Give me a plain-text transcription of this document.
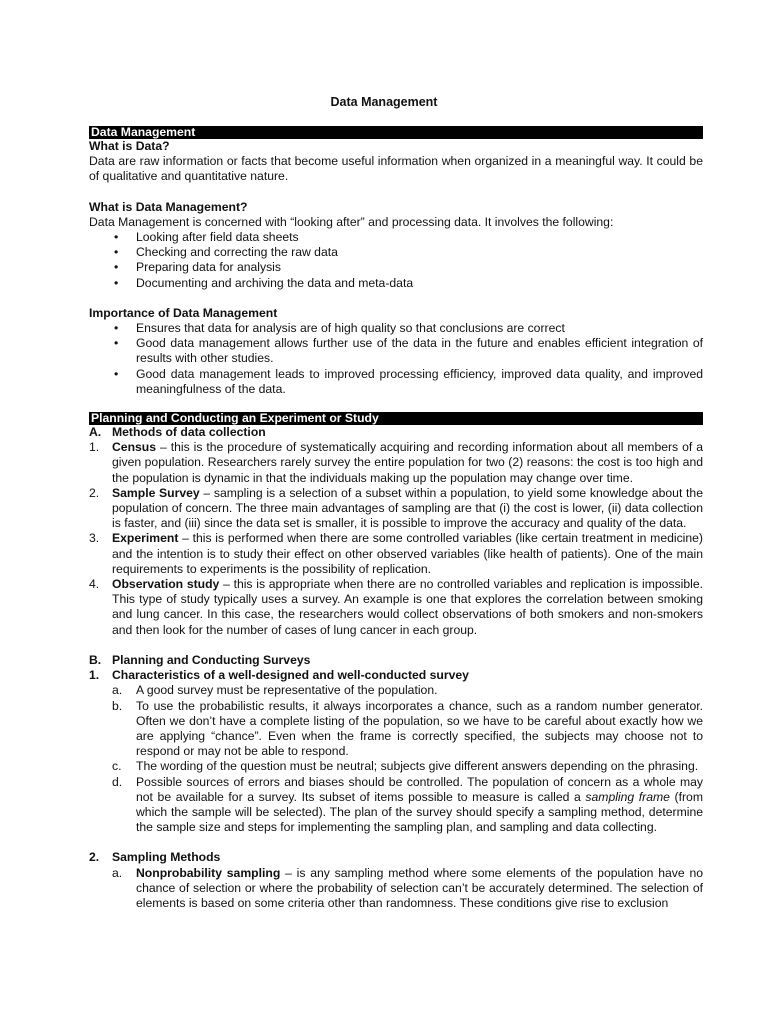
Data Management
Data Management
What is Data?

Data are raw information or facts that become useful information when organized in a meaningful way. It could be of qualitative and quantitative nature.

What is Data Management?

Data Management is concerned with “looking after” and processing data. It involves the following:

• Looking after field data sheets
• Checking and correcting the raw data
• Preparing data for analysis
• Documenting and archiving the data and meta-data
Importance of Data Management
• Ensures that data for analysis are of high quality so that conclusions are correct
• Good data management allows further use of the data in the future and enables efficient integration of results with other studies.
• Good data management leads to improved processing efficiency, improved data quality, and improved meaningfulness of the data.
Planning and Conducting an Experiment or Study
A. Methods of data collection
1. Census – this is the procedure of systematically acquiring and recording information about all members of a given population. Researchers rarely survey the entire population for two (2) reasons: the cost is too high and the population is dynamic in that the individuals making up the population may change over time.
2. Sample Survey – sampling is a selection of a subset within a population, to yield some knowledge about the population of concern. The three main advantages of sampling are that (i) the cost is lower, (ii) data collection is faster, and (iii) since the data set is smaller, it is possible to improve the accuracy and quality of the data.
3. Experiment – this is performed when there are some controlled variables (like certain treatment in medicine) and the intention is to study their effect on other observed variables (like health of patients). One of the main requirements to experiments is the possibility of replication.
4. Observation study – this is appropriate when there are no controlled variables and replication is impossible. This type of study typically uses a survey. An example is one that explores the correlation between smoking and lung cancer. In this case, the researchers would collect observations of both smokers and non-smokers and then look for the number of cases of lung cancer in each group.
B. Planning and Conducting Surveys
1. Characteristics of a well-designed and well-conducted survey
a. A good survey must be representative of the population.
b. To use the probabilistic results, it always incorporates a chance, such as a random number generator. Often we don’t have a complete listing of the population, so we have to be careful about exactly how we are applying “chance”. Even when the frame is correctly specified, the subjects may choose not to respond or may not be able to respond.
c. The wording of the question must be neutral; subjects give different answers depending on the phrasing.
d. Possible sources of errors and biases should be controlled. The population of concern as a whole may not be available for a survey. Its subset of items possible to measure is called a sampling frame (from which the sample will be selected). The plan of the survey should specify a sampling method, determine the sample size and steps for implementing the sampling plan, and sampling and data collecting.
2. Sampling Methods
a. Nonprobability sampling – is any sampling method where some elements of the population have no chance of selection or where the probability of selection can’t be accurately determined. The selection of elements is based on some criteria other than randomness. These conditions give rise to exclusion
